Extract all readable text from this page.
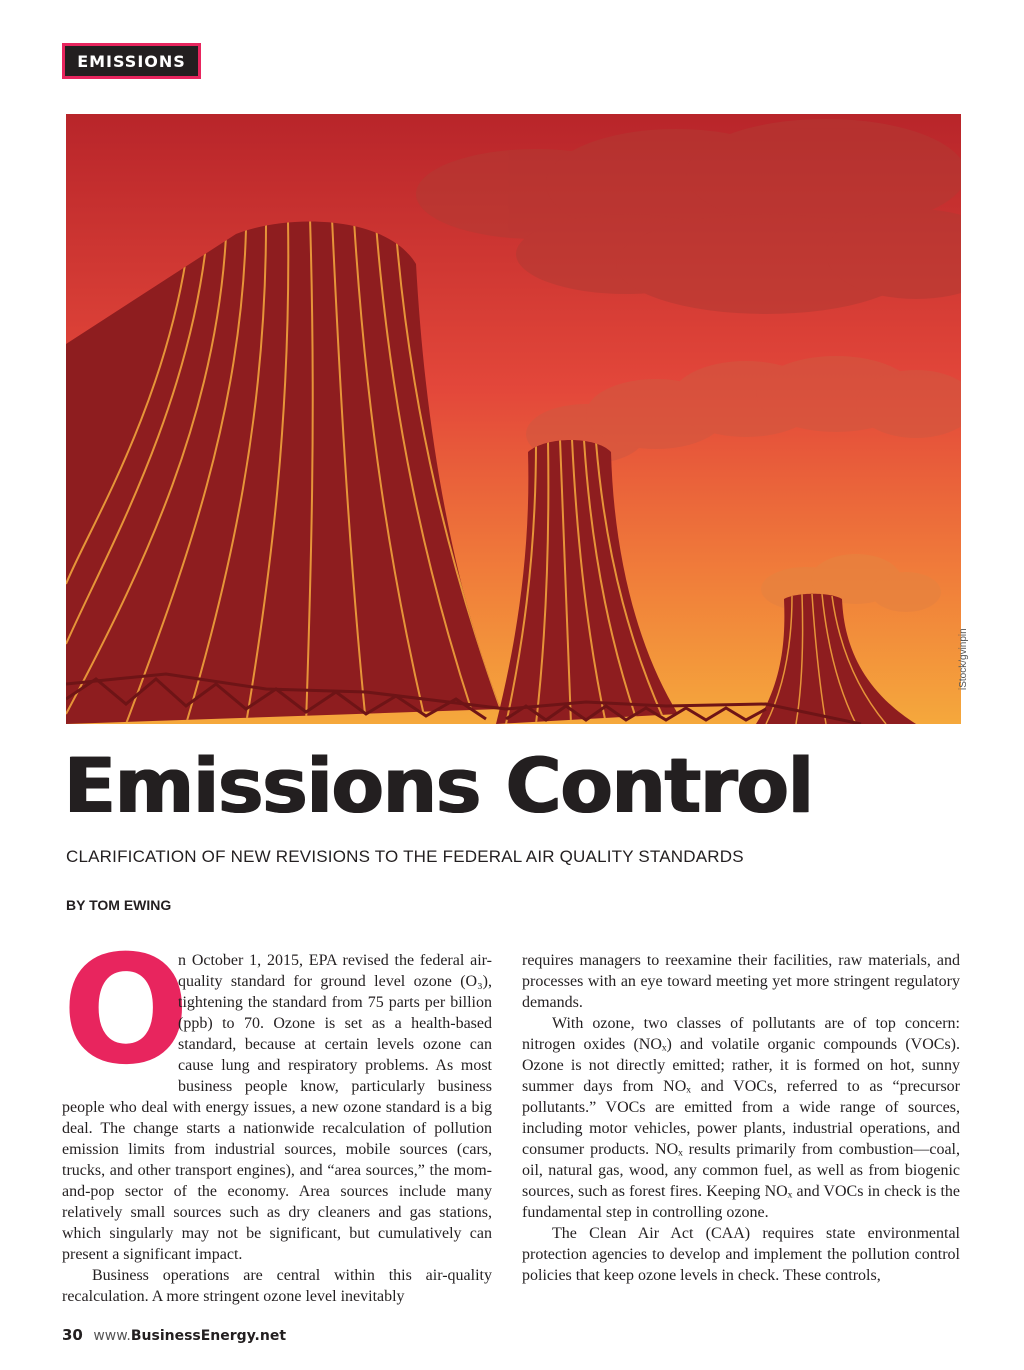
EMISSIONS
iStock/gvinpin
Emissions Control
CLARIFICATION OF NEW REVISIONS TO THE FEDERAL AIR QUALITY STANDARDS
BY TOM EWING
O

n October 1, 2015, EPA revised the federal air-quality standard for ground level ozone (O₃), tightening the standard from 75 parts per billion (ppb) to 70. Ozone is set as a health-based standard, because at certain levels ozone can cause lung and respiratory problems. As most business people know, particularly business people who deal with energy issues, a new ozone standard is a big deal. The change starts a nationwide recalculation of pollution emission limits from industrial sources, mobile sources (cars, trucks, and other transport engines), and “area sources,” the mom-and-pop sector of the economy. Area sources include many relatively small sources such as dry cleaners and gas stations, which singularly may not be significant, but cumulatively can present a significant impact.

Business operations are central within this air-quality recalculation. A more stringent ozone level inevitably

requires managers to reexamine their facilities, raw materials, and processes with an eye toward meeting yet more stringent regulatory demands.

With ozone, two classes of pollutants are of top concern: nitrogen oxides (NOₓ) and volatile organic compounds (VOCs). Ozone is not directly emitted; rather, it is formed on hot, sunny summer days from NOₓ and VOCs, referred to as “precursor pollutants.” VOCs are emitted from a wide range of sources, including motor vehicles, power plants, industrial operations, and consumer products. NOₓ results primarily from combustion—coal, oil, natural gas, wood, any common fuel, as well as from biogenic sources, such as forest fires. Keeping NOₓ and VOCs in check is the fundamental step in controlling ozone.

The Clean Air Act (CAA) requires state environmental protection agencies to develop and implement the pollution control policies that keep ozone levels in check. These controls,

30 www.BusinessEnergy.net
